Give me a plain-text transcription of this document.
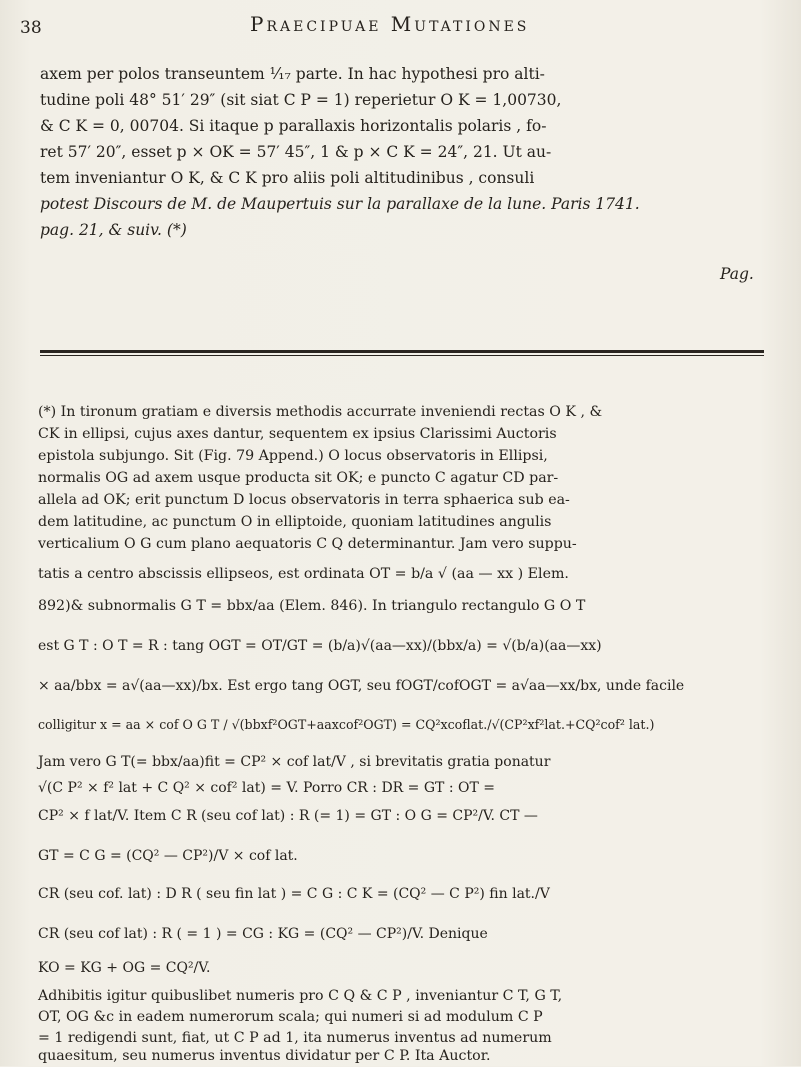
38	Praecipuae Mutationes
axem per polos transeuntem ¹⁄₁₇ parte. In hac hypothesi pro alti-
tudine poli 48° 51′ 29″ (sit siat C P = 1) reperietur O K = 1,00730,
& C K = 0, 00704. Si itaque p parallaxis horizontalis polaris , fo-
ret 57′ 20″, esset p × OK = 57′ 45″, 1 & p × C K = 24″, 21. Ut au-
tem inveniantur O K, & C K pro aliis poli altitudinibus , consuli
potest Discours de M. de Maupertuis sur la parallaxe de la lune. Paris 1741.
pag. 21, & suiv. (*)
Pag.
(*) In tironum gratiam e diversis methodis accurrate inveniendi rectas O K , &
CK in ellipsi, cujus axes dantur, sequentem ex ipsius Clarissimi Auctoris
epistola subjungo. Sit (Fig. 79 Append.) O locus observatoris in Ellipsi,
normalis OG ad axem usque producta sit OK; e puncto C agatur CD par-
allela ad OK; erit punctum D locus observatoris in terra sphaerica sub ea-
dem latitudine, ac punctum O in elliptoide, quoniam latitudines angulis
verticalium O G cum plano aequatoris C Q determinantur. Jam vero suppu-
tatis a centro abscissis ellipseos, est ordinata OT = b/a √ (aa — xx ) Elem.
892)& subnormalis G T = bbx/aa (Elem. 846). In triangulo rectangulo G O T
est G T : O T = R : tang OGT = OT/GT = (b/a)√(aa—xx)/(bbx/a) = √(b/a)(aa—xx)
× aa/bbx = a√(aa—xx)/bx. Est ergo tang OGT, seu fOGT/cofOGT = a√aa—xx/bx, unde facile
colligitur x = aa × cof O G T / √(bbxf²OGT+aaxcof²OGT) = CQ²xcoflat./√(CP²xf²lat.+CQ²cof² lat.)
Jam vero G T(= bbx/aa)fit = CP² × cof lat/V , si brevitatis gratia ponatur
√(C P² × f² lat + C Q² × cof² lat) = V. Porro CR : DR = GT : OT =
CP² × f lat/V. Item C R (seu cof lat) : R (= 1) = GT : O G = CP²/V. CT —
GT = C G = (CQ² — CP²)/V × cof lat.
CR (seu cof. lat) : D R ( seu fin lat ) = C G : C K = (CQ² — C P²) fin lat./V
CR (seu cof lat) : R ( = 1 ) = CG : KG = (CQ² — CP²)/V. Denique
KO = KG + OG = CQ²/V.
Adhibitis igitur quibuslibet numeris pro C Q & C P , inveniantur C T, G T,
OT, OG &c in eadem numerorum scala; qui numeri si ad modulum C P
= 1 redigendi sunt, fiat, ut C P ad 1, ita numerus inventus ad numerum
quaesitum, seu numerus inventus dividatur per C P. Ita Auctor.
